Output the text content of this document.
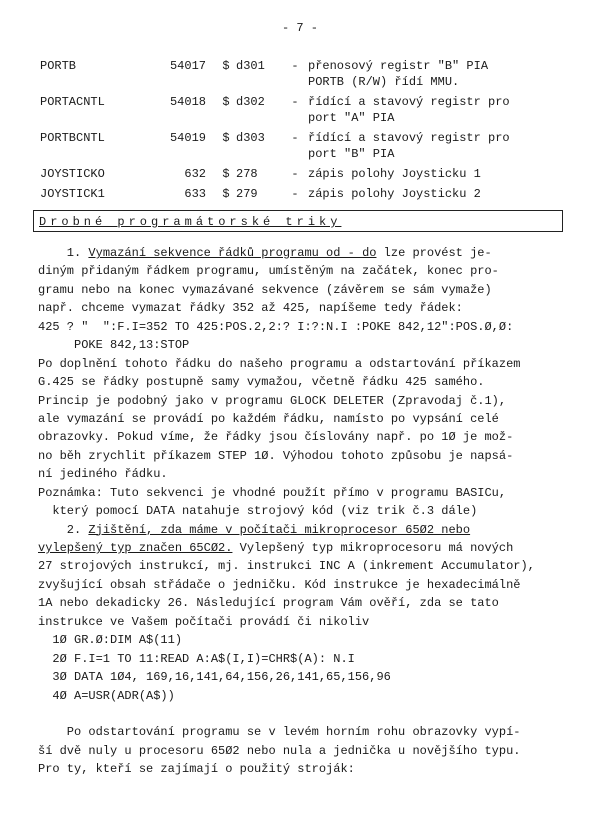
- 7 -
PORTB	54017	$ d301	- přenosový registr "B" PIA
PORTB (R/W) řídí MMU.
PORTACNTL	54018	$ d302	- řídící a stavový registr pro
port "A" PIA
PORTBCNTL	54019	$ d303	- řídící a stavový registr pro
port "B" PIA
JOYSTICKO	632	$ 278	- zápis polohy Joysticku 1
JOYSTICK1	633	$ 279	- zápis polohy Joysticku 2
Drobné programátorské triky
1. Vymazání sekvence řádků programu od - do lze provést je-
diným přidaným řádkem programu, umístěným na začátek, konec pro-
gramu nebo na konec vymazávané sekvence (závěrem se sám vymaže)
např. chceme vymazat řádky 352 až 425, napíšeme tedy řádek:
425 ? "  ":F.I=352 TO 425:POS.2,2:? I:?:N.I :POKE 842,12":POS.Ø,Ø:
POKE 842,13:STOP
Po doplnění tohoto řádku do našeho programu a odstartování příkazem
G.425 se řádky postupně samy vymažou, včetně řádku 425 samého.
Princip je podobný jako v programu GLOCK DELETER (Zpravodaj č.1),
ale vymazání se provádí po každém řádku, namísto po vypsání celé
obrazovky. Pokud víme, že řádky jsou číslovány např. po 1Ø je mož-
no běh zrychlit příkazem STEP 1Ø. Výhodou tohoto způsobu je napsá-
ní jediného řádku.
Poznámka: Tuto sekvenci je vhodné použít přímo v programu BASICu,
který pomocí DATA natahuje strojový kód (viz trik č.3 dále)
2. Zjištění, zda máme v počítači mikroprocesor 65Ø2 nebo
vylepšený typ značen 65CØ2. Vylepšený typ mikroprocesoru má nových
27 strojových instrukcí, mj. instrukci INC A (inkrement Accumulator),
zvyšující obsah střádače o jedničku. Kód instrukce je hexadecimálně
1A nebo dekadicky 26. Následující program Vám ověří, zda se tato
instrukce ve Vašem počítači provádí či nikoliv
1Ø GR.Ø:DIM A$(11)
2Ø F.I=1 TO 11:READ A:A$(I,I)=CHR$(A): N.I
3Ø DATA 1Ø4, 169,16,141,64,156,26,141,65,156,96
4Ø A=USR(ADR(A$))
Po odstartování programu se v levém horním rohu obrazovky vypí-
ší dvě nuly u procesoru 65Ø2 nebo nula a jednička u novějšího typu.
Pro ty, kteří se zajímají o použitý stroják:
